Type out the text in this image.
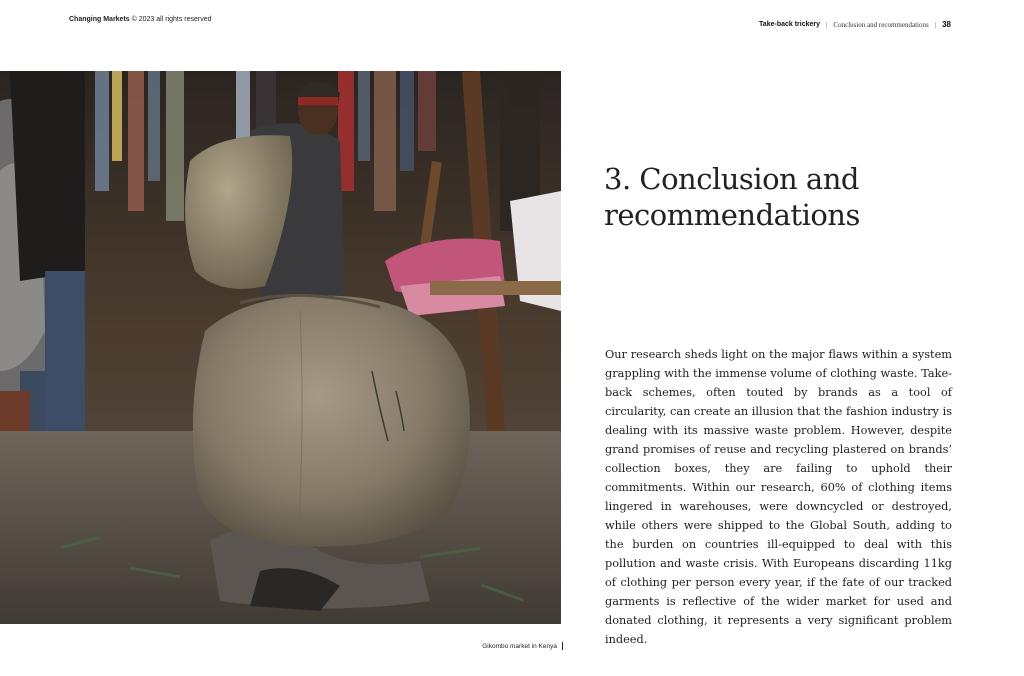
Changing Markets © 2023 all rights reserved
Take-back trickery | Conclusion and recommendations | 38
Gikombo market in Kenya
3. Conclusion and
recommendations

Our research sheds light on the major flaws within a system grappling with the immense volume of clothing waste. Take-back schemes, often touted by brands as a tool of circularity, can create an illusion that the fashion industry is dealing with its massive waste problem. However, despite grand promises of reuse and recycling plastered on brands’ collection boxes, they are failing to uphold their commitments. Within our research, 60% of clothing items lingered in warehouses, were downcycled or destroyed, while others were shipped to the Global South, adding to the burden on countries ill-equipped to deal with this pollution and waste crisis. With Europeans discarding 11kg of clothing per person every year, if the fate of our tracked garments is reflective of the wider market for used and donated clothing, it represents a very significant problem indeed.
